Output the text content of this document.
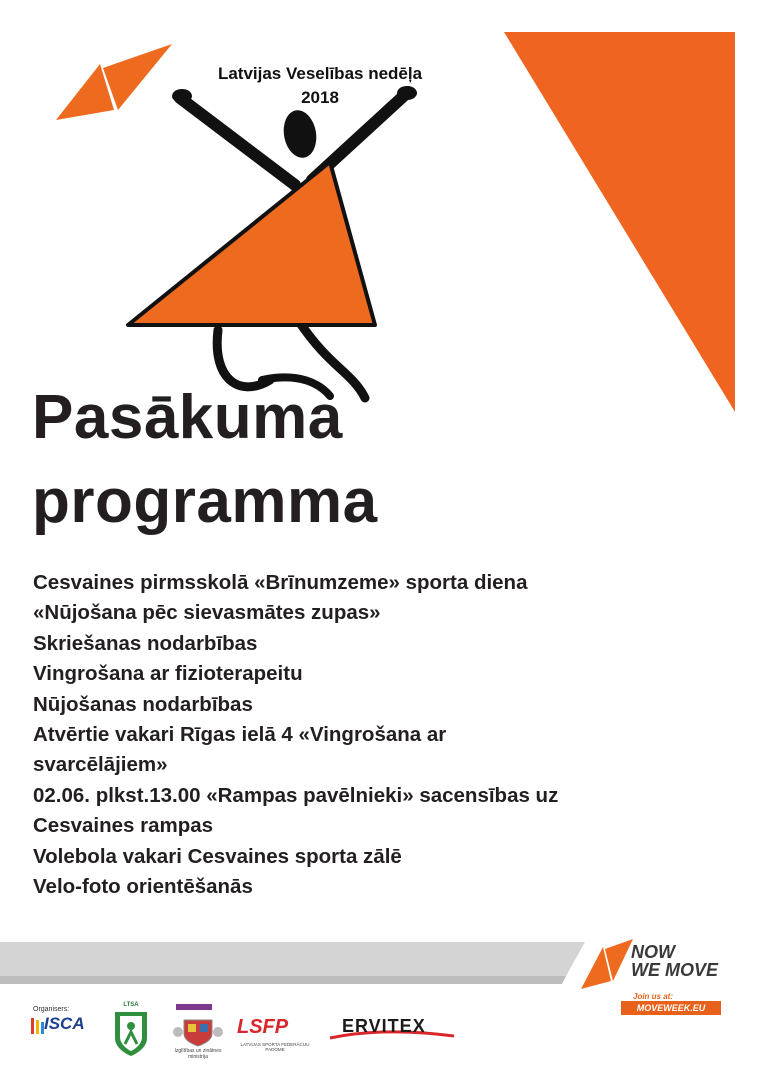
Latvijas Veselības nedēļa
2018
Pasākuma
programma
Cesvaines pirmsskolā «Brīnumzeme» sporta diena
«Nūjošana pēc sievasmātes zupas»
Skriešanas nodarbības
Vingrošana ar fizioterapeitu
Nūjošanas nodarbības
Atvērtie vakari Rīgas ielā 4 «Vingrošana ar
svarcēlājiem»
02.06. plkst.13.00 «Rampas pavēlnieki» sacensības uz
Cesvaines rampas
Volebola vakari Cesvaines sporta zālē
Velo-foto orientēšanās
Organisers:
ISCA
LTSA
Izglītības un zinātnes ministrija
LSFP
LATVIJAS SPORTA FEDERĀCIJU PADOME
ERVITEX
NOW
WE MOVE
Join us at:
MOVEWEEK.EU
